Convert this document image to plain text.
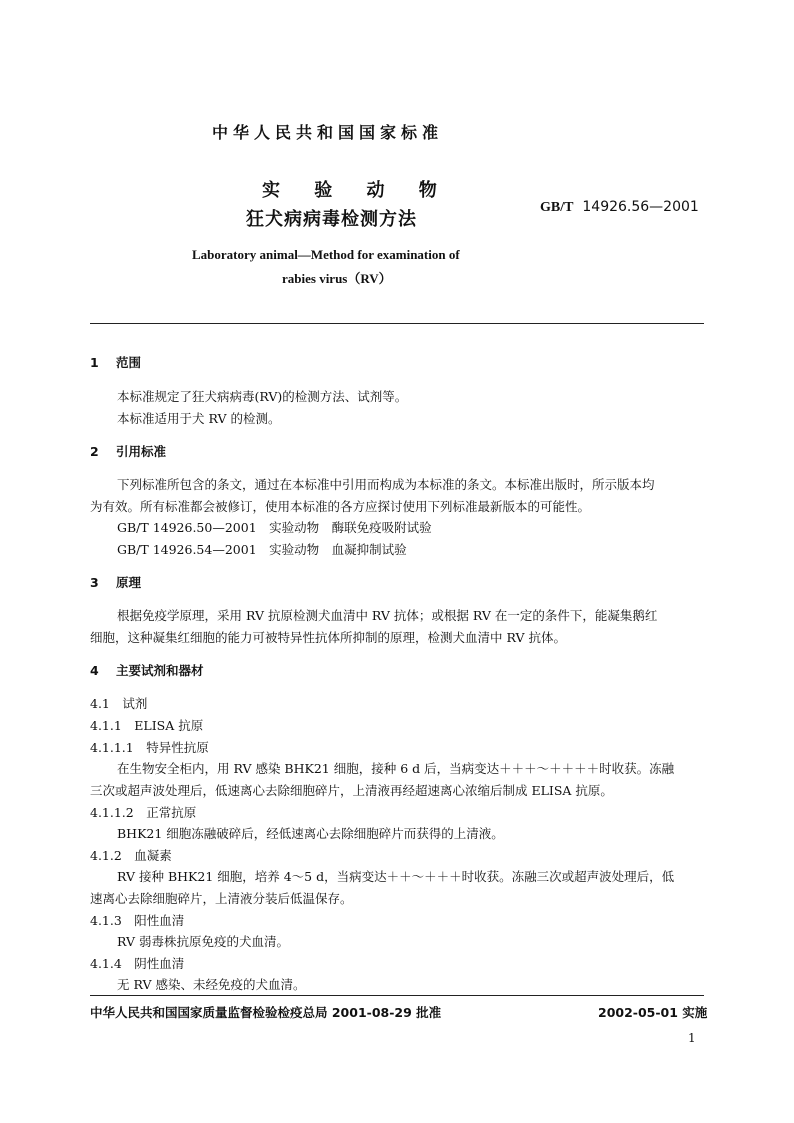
中华人民共和国国家标准
实 验 动 物
狂犬病病毒检测方法
GB/T 14926.56—2001
Laboratory animal—Method for examination of
rabies virus（RV）
1 范围
本标准规定了狂犬病病毒(RV)的检测方法、试剂等。
本标准适用于犬 RV 的检测。
2 引用标准
下列标准所包含的条文，通过在本标准中引用而构成为本标准的条文。本标准出版时，所示版本均
为有效。所有标准都会被修订，使用本标准的各方应探讨使用下列标准最新版本的可能性。
GB/T 14926.50—2001　实验动物　酶联免疫吸附试验
GB/T 14926.54—2001　实验动物　血凝抑制试验
3 原理
根据免疫学原理，采用 RV 抗原检测犬血清中 RV 抗体；或根据 RV 在一定的条件下，能凝集鹅红
细胞，这种凝集红细胞的能力可被特异性抗体所抑制的原理，检测犬血清中 RV 抗体。
4 主要试剂和器材
4.1　试剂
4.1.1　ELISA 抗原
4.1.1.1　特异性抗原
在生物安全柜内，用 RV 感染 BHK21 细胞，接种 6 d 后，当病变达＋＋＋～＋＋＋＋时收获。冻融
三次或超声波处理后，低速离心去除细胞碎片，上清液再经超速离心浓缩后制成 ELISA 抗原。
4.1.1.2　正常抗原
BHK21 细胞冻融破碎后，经低速离心去除细胞碎片而获得的上清液。
4.1.2　血凝素
RV 接种 BHK21 细胞，培养 4～5 d，当病变达＋＋～＋＋＋时收获。冻融三次或超声波处理后，低
速离心去除细胞碎片，上清液分装后低温保存。
4.1.3　阳性血清
RV 弱毒株抗原免疫的犬血清。
4.1.4　阴性血清
无 RV 感染、未经免疫的犬血清。
中华人民共和国国家质量监督检验检疫总局 2001-08-29 批准	2002-05-01 实施
1
